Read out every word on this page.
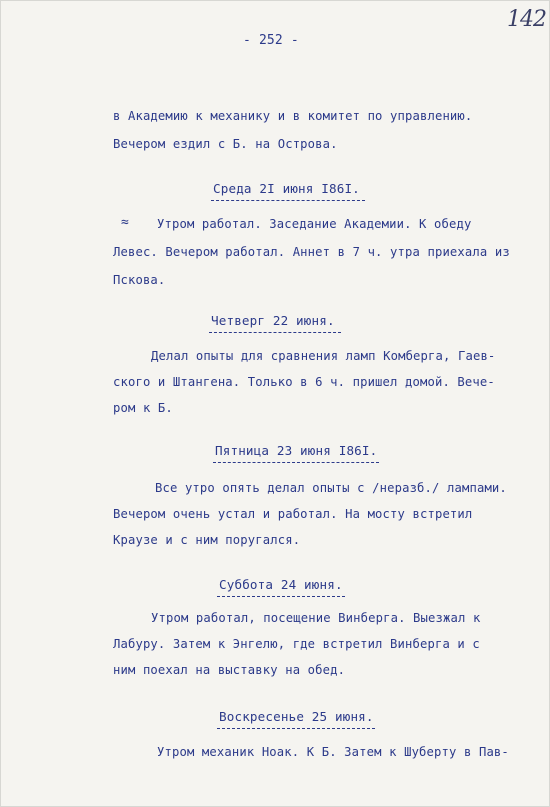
142
- 252 -
в Академию к механику и в комитет по управлению.
Вечером ездил с Б. на Острова.
Среда 2I июня I86I.
≈ Утром работал. Заседание Академии. К обеду
Левес. Вечером работал. Аннет в 7 ч. утра приехала из
Пскова.
Четверг 22 июня.
Делал опыты для сравнения ламп Комберга, Гаев-
ского и Штангена. Только в 6 ч. пришел домой. Вече-
ром к Б.
Пятница 23 июня I86I.
Все утро опять делал опыты с /неразб./ лампами.
Вечером очень устал и работал. На мосту встретил
Краузе и с ним поругался.
Суббота 24 июня.
Утром работал, посещение Винберга. Выезжал к
Лабуру. Затем к Энгелю, где встретил Винберга и с
ним поехал на выставку на обед.
Воскресенье 25 июня.
Утром механик Ноак. К Б. Затем к Шуберту в Пав-
